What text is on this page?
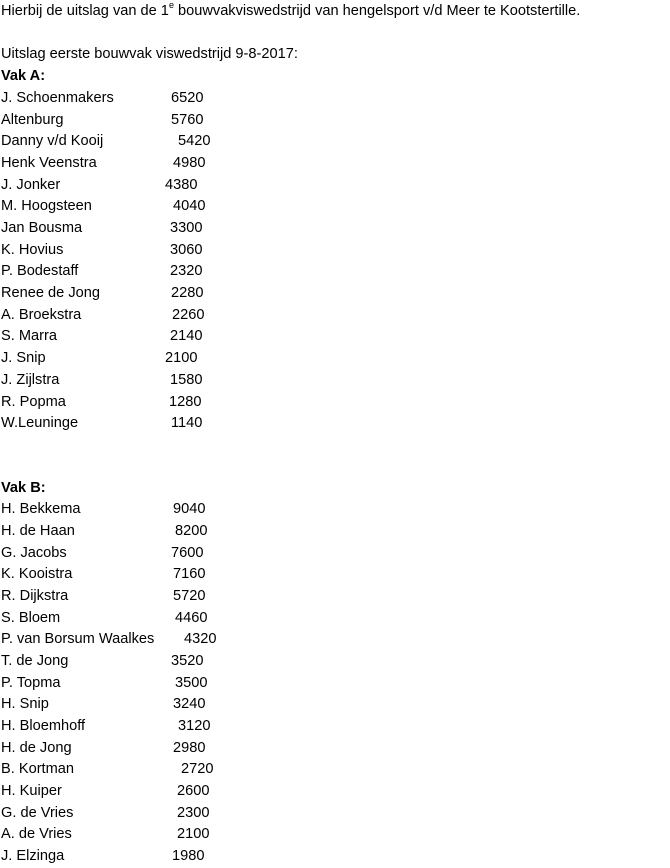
Hierbij de uitslag van de 1e bouwvakviswedstrijd van hengelsport v/d Meer te Kootstertille.
Uitslag eerste bouwvak viswedstrijd 9-8-2017:
Vak A:
J. Schoenmakers	6520
Altenburg	5760
Danny v/d Kooij	5420
Henk Veenstra	4980
J. Jonker	4380
M. Hoogsteen	4040
Jan Bousma	3300
K. Hovius	3060
P. Bodestaff	2320
Renee de Jong	2280
A. Broekstra	2260
S. Marra	2140
J. Snip	2100
J. Zijlstra	1580
R. Popma	1280
W.Leuninge	1140
Vak B:
H. Bekkema	9040
H. de Haan	8200
G. Jacobs	7600
K. Kooistra	7160
R. Dijkstra	5720
S. Bloem	4460
P. van Borsum Waalkes 4320
T. de Jong	3520
P. Topma	3500
H. Snip	3240
H. Bloemhoff	3120
H. de Jong	2980
B. Kortman	2720
H. Kuiper	2600
G. de Vries	2300
A. de Vries	2100
J. Elzinga	1980
